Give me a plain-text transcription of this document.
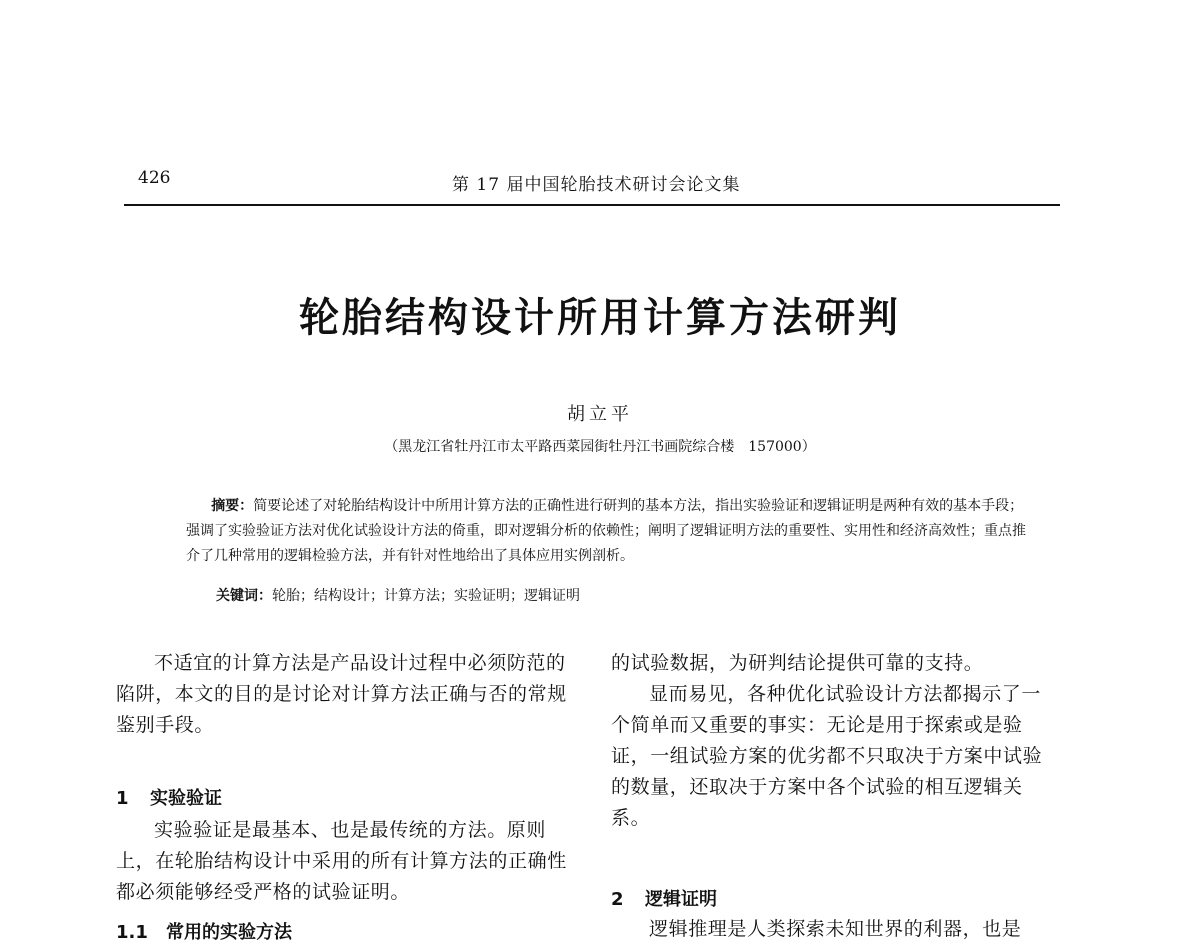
426	第 17 届中国轮胎技术研讨会论文集
轮胎结构设计所用计算方法研判
胡立平
（黑龙江省牡丹江市太平路西菜园街牡丹江书画院综合楼　157000）

摘要：简要论述了对轮胎结构设计中所用计算方法的正确性进行研判的基本方法，指出实验验证和逻辑证明是两种有效的基本手段；强调了实验验证方法对优化试验设计方法的倚重，即对逻辑分析的依赖性；阐明了逻辑证明方法的重要性、实用性和经济高效性；重点推介了几种常用的逻辑检验方法，并有针对性地给出了具体应用实例剖析。

关键词：轮胎；结构设计；计算方法；实验证明；逻辑证明

不适宜的计算方法是产品设计过程中必须防范的陷阱，本文的目的是讨论对计算方法正确与否的常规鉴别手段。

1 实验验证

实验验证是最基本、也是最传统的方法。原则上，在轮胎结构设计中采用的所有计算方法的正确性都必须能够经受严格的试验证明。

1.1 常用的实验方法

的试验数据，为研判结论提供可靠的支持。

显而易见，各种优化试验设计方法都揭示了一个简单而又重要的事实：无论是用于探索或是验证，一组试验方案的优劣都不只取决于方案中试验的数量，还取决于方案中各个试验的相互逻辑关系。

2 逻辑证明

逻辑推理是人类探索未知世界的利器，也是
